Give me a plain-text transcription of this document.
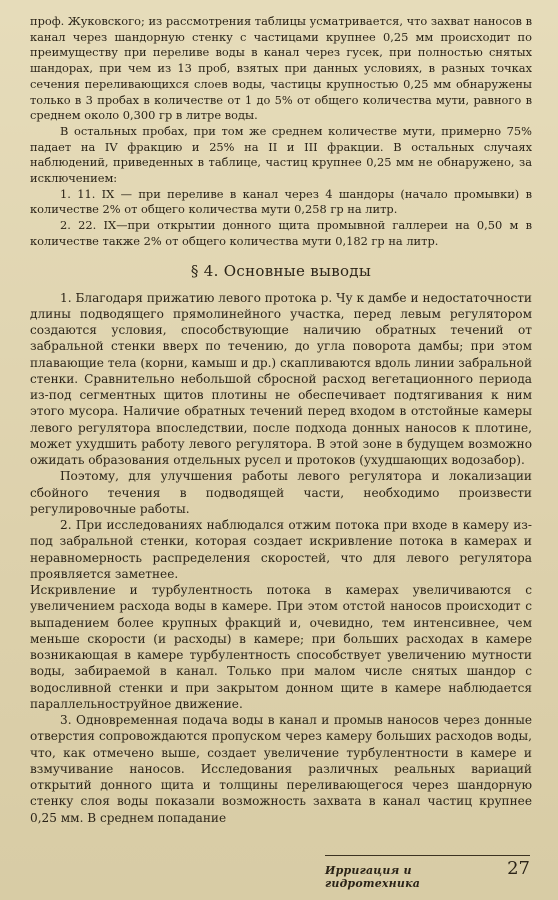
проф. Жуковского; из рассмотрения таблицы усматривается, что захват наносов в канал через шандорную стенку с частицами крупнее 0,25 мм происходит по преимуществу при переливе воды в канал через гусек, при полностью снятых шандорах, при чем из 13 проб, взятых при данных условиях, в разных точках сечения переливающихся слоев воды, частицы крупностью 0,25 мм обнаружены только в 3 пробах в количестве от 1 до 5% от общего количества мути, равного в среднем около 0,300 гр в литре воды.

В остальных пробах, при том же среднем количестве мути, примерно 75% падает на IV фракцию и 25% на II и III фракции. В остальных случаях наблюдений, приведенных в таблице, частиц крупнее 0,25 мм не обнаружено, за исключением:

1. 11. IX — при переливе в канал через 4 шандоры (начало промывки) в количестве 2% от общего количества мути 0,258 гр на литр.

2. 22. IX—при открытии донного щита промывной галлереи на 0,50 м в количестве также 2% от общего количества мути 0,182 гр на литр.

§ 4. Основные выводы

1. Благодаря прижатию левого протока р. Чу к дамбе и недостаточности длины подводящего прямолинейного участка, перед левым регулятором создаются условия, способствующие наличию обратных течений от забральной стенки вверх по течению, до угла поворота дамбы; при этом плавающие тела (корни, камыш и др.) скапливаются вдоль линии забральной стенки. Сравнительно небольшой сбросной расход вегетационного периода из-под сегментных щитов плотины не обеспечивает подтягивания к ним этого мусора. Наличие обратных течений перед входом в отстойные камеры левого регулятора впоследствии, после подхода донных наносов к плотине, может ухудшить работу левого регулятора. В этой зоне в будущем возможно ожидать образования отдельных русел и протоков (ухудшающих водозабор).

Поэтому, для улучшения работы левого регулятора и локализации сбойного течения в подводящей части, необходимо произвести регулировочные работы.

2. При исследованиях наблюдался отжим потока при входе в камеру из-под забральной стенки, которая создает искривление потока в камерах и неравномерность распределения скоростей, что для левого регулятора проявляется заметнее.

Искривление и турбулентность потока в камерах увеличиваются с увеличением расхода воды в камере. При этом отстой наносов происходит с выпадением более крупных фракций и, очевидно, тем интенсивнее, чем меньше скорости (и расходы) в камере; при больших расходах в камере возникающая в камере турбулентность способствует увеличению мутности воды, забираемой в канал. Только при малом числе снятых шандор с водосливной стенки и при закрытом донном щите в камере наблюдается параллельноструйное движение.

3. Одновременная подача воды в канал и промыв наносов через донные отверстия сопровождаются пропуском через камеру больших расходов воды, что, как отмечено выше, создает увеличение турбулентности в камере и взмучивание наносов. Исследования различных реальных вариаций открытий донного щита и толщины переливающегося через шандорную стенку слоя воды показали возможность захвата в канал частиц крупнее 0,25 мм. В среднем попадание

Ирригация и гидротехника
27
